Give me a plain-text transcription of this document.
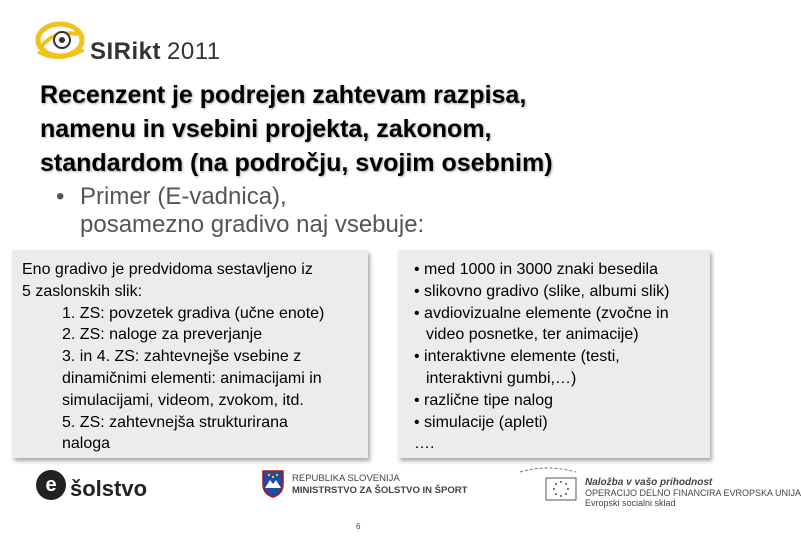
SIRikt 2011
Recenzent je podrejen zahtevam razpisa,
namenu in vsebini projekta, zakonom,
standardom (na področju, svojim osebnim)
• Primer (E-vadnica),
posamezno gradivo naj vsebuje:
Eno gradivo je predvidoma sestavljeno iz
5 zaslonskih slik:
1. ZS: povzetek gradiva (učne enote)
2. ZS: naloge za preverjanje
3. in 4. ZS: zahtevnejše vsebine z
dinamičnimi elementi: animacijami in
simulacijami, videom, zvokom, itd.
5. ZS: zahtevnejša strukturirana
naloga
• med 1000 in 3000 znaki besedila
• slikovno gradivo (slike, albumi slik)
• avdiovizualne elemente (zvočne in
video posnetke, ter animacije)
• interaktivne elemente (testi,
interaktivni gumbi,…)
• različne tipe nalog
• simulacije (apleti)
….
e šolstvo	REPUBLIKA SLOVENIJA
MINISTRSTVO ZA ŠOLSTVO IN ŠPORT
Naložba v vašo prihodnost
OPERACIJO DELNO FINANCIRA EVROPSKA UNIJA
Evropski socialni sklad
6
